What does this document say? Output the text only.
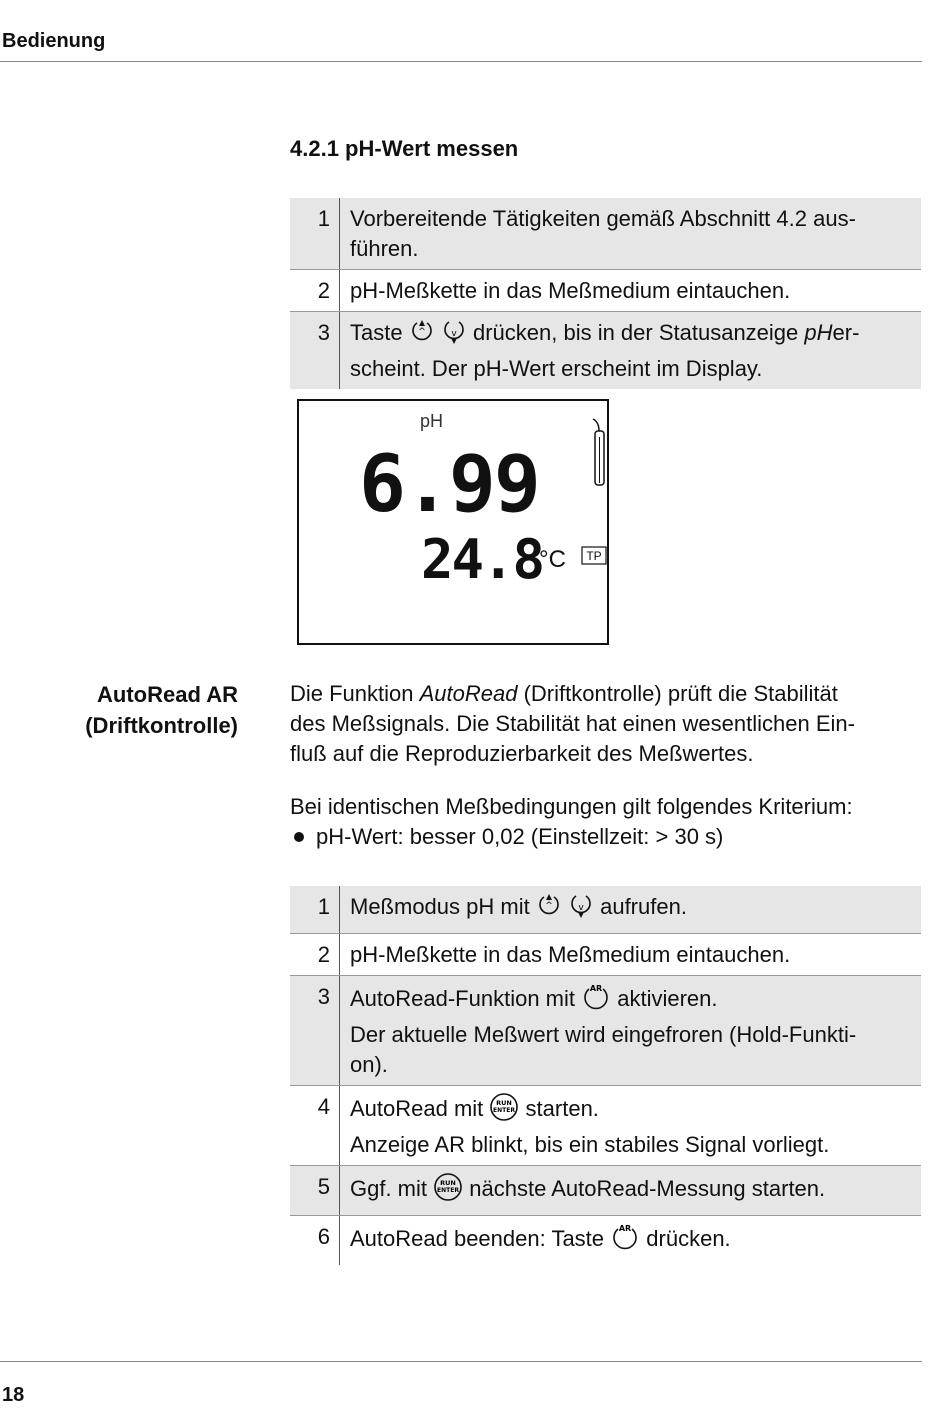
Bedienung
4.2.1 pH-Wert messen
1	Vorbereitende Tätigkeiten gemäß Abschnitt 4.2 aus-
führen.
2	pH-Meßkette in das Meßmedium eintauchen.
3	Taste ^
v drücken, bis in der Statusanzeige pHer-
scheint. Der pH-Wert erscheint im Display.
pH
6.99
24.8
°C TP
AutoRead AR
(Driftkontrolle)
Die Funktion AutoRead (Driftkontrolle) prüft die Stabilität
des Meßsignals. Die Stabilität hat einen wesentlichen Ein-
fluß auf die Reproduzierbarkeit des Meßwertes.
Bei identischen Meßbedingungen gilt folgendes Kriterium:
pH-Wert: besser 0,02 (Einstellzeit: > 30 s)
1	Meßmodus pH mit ^
v aufrufen.
2	pH-Meßkette in das Meßmedium eintauchen.
3	AutoRead-Funktion mit AR aktivieren.
Der aktuelle Meßwert wird eingefroren (Hold-Funkti-
on).
4	AutoRead mit RUN
ENTER starten.
Anzeige AR blinkt, bis ein stabiles Signal vorliegt.
5	Ggf. mit RUN
ENTER nächste AutoRead-Messung starten.
6	AutoRead beenden: Taste AR drücken.
18
